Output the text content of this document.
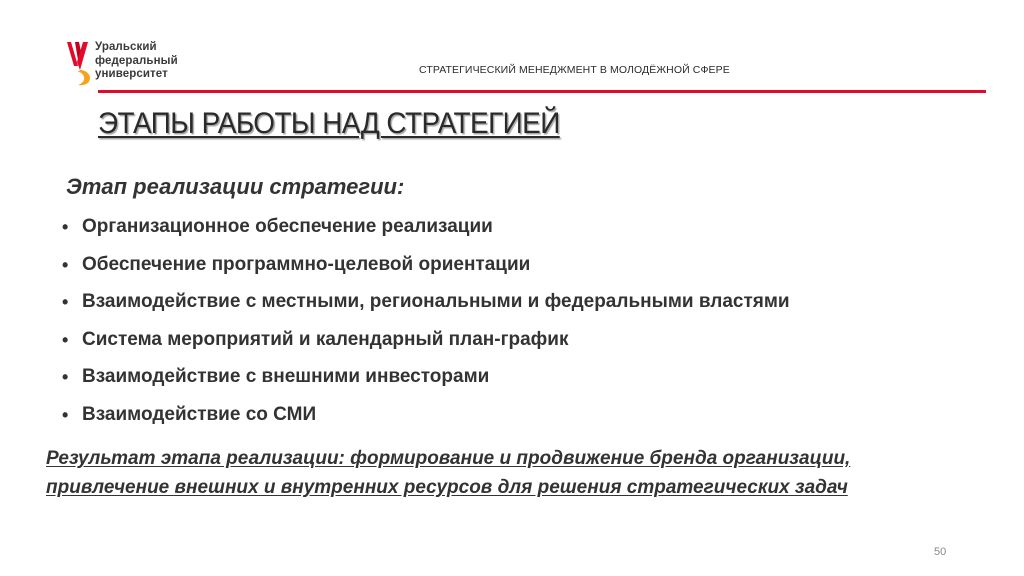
Уральский
федеральный
университет	СТРАТЕГИЧЕСКИЙ МЕНЕДЖМЕНТ В МОЛОДЁЖНОЙ СФЕРЕ
ЭТАПЫ РАБОТЫ НАД СТРАТЕГИЕЙ
Этап реализации стратегии:
• Организационное обеспечение реализации
• Обеспечение программно-целевой ориентации
• Взаимодействие с местными, региональными и федеральными властями
• Система мероприятий и календарный план-график
• Взаимодействие с внешними инвесторами
• Взаимодействие со СМИ
Результат этапа реализации: формирование и продвижение бренда организации,
привлечение внешних и внутренних ресурсов для решения стратегических задач
50
